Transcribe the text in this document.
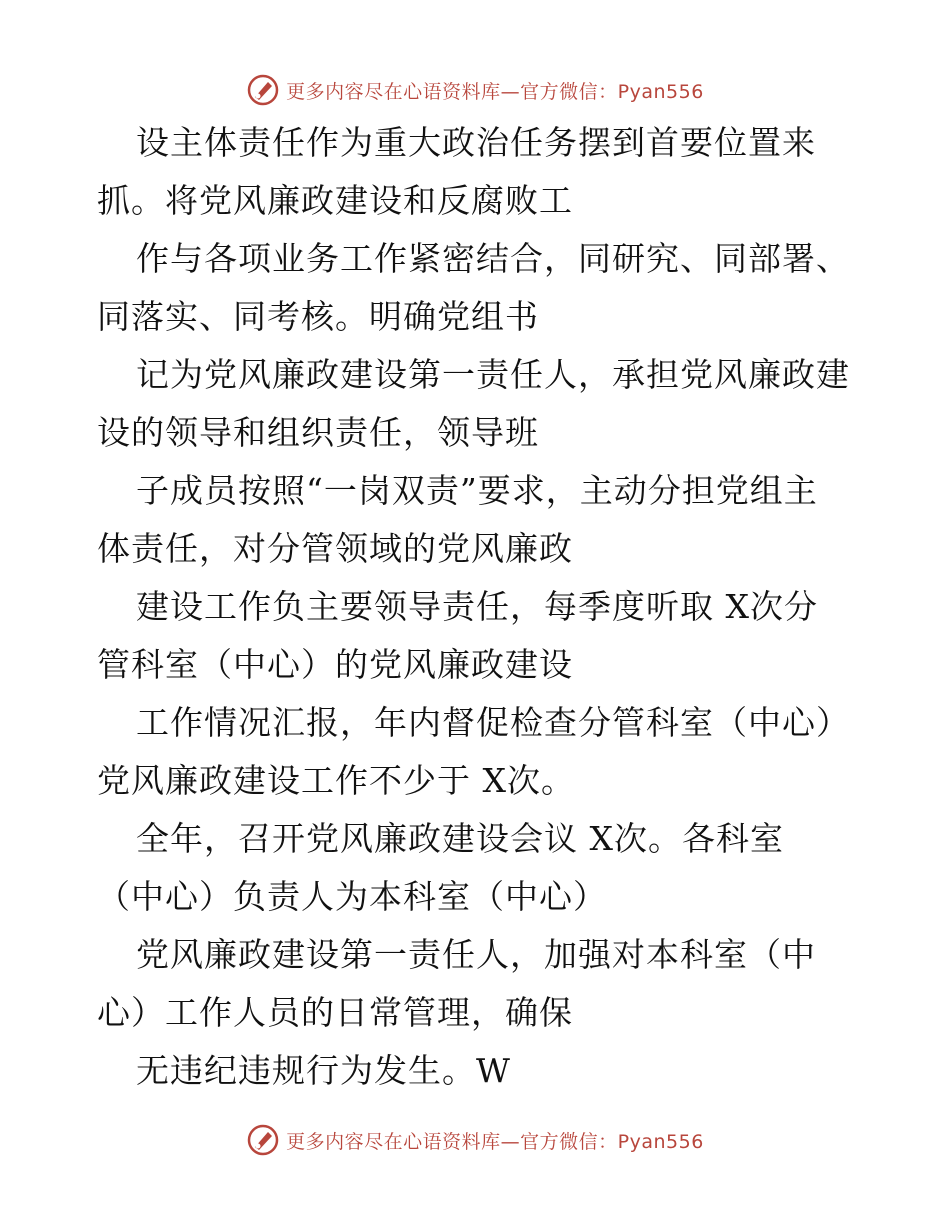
更多内容尽在心语资料库—官方微信：Pyan556
设主体责任作为重大政治任务摆到首要位置来
抓。将党风廉政建设和反腐败工
作与各项业务工作紧密结合，同研究、同部署、
同落实、同考核。明确党组书
记为党风廉政建设第一责任人，承担党风廉政建
设的领导和组织责任，领导班
子成员按照“一岗双责”要求，主动分担党组主
体责任，对分管领域的党风廉政
建设工作负主要领导责任，每季度听取 X次分
管科室（中心）的党风廉政建设
工作情况汇报，年内督促检查分管科室（中心）
党风廉政建设工作不少于 X次。
全年，召开党风廉政建设会议 X次。各科室
（中心）负责人为本科室（中心）
党风廉政建设第一责任人，加强对本科室（中
心）工作人员的日常管理，确保
无违纪违规行为发生。W
更多内容尽在心语资料库—官方微信：Pyan556
